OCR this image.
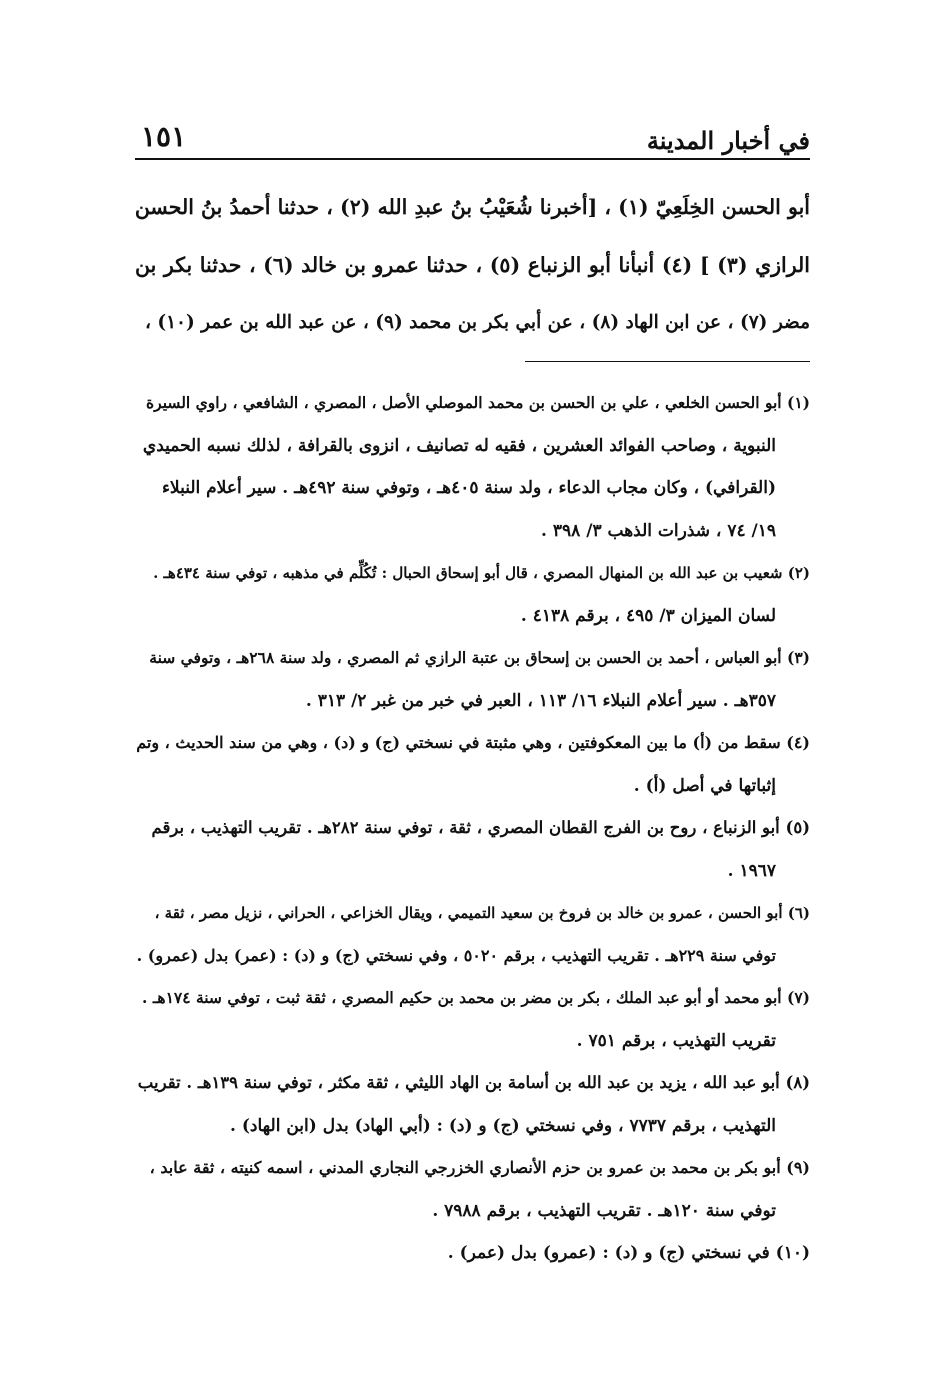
١٥١	في أخبار المدينة
أبو الحسن الخِلَعِيّ (١) ، [أخبرنا شُعَيْبُ بنُ عبدِ الله (٢) ، حدثنا أحمدُ بنُ الحسن
الرازي (٣) ] (٤) أنبأنا أبو الزنباع (٥) ، حدثنا عمرو بن خالد (٦) ، حدثنا بكر بن
مضر (٧) ، عن ابن الهاد (٨) ، عن أبي بكر بن محمد (٩) ، عن عبد الله بن عمر (١٠) ،
(١) أبو الحسن الخلعي ، علي بن الحسن بن محمد الموصلي الأصل ، المصري ، الشافعي ، راوي السيرة
النبوية ، وصاحب الفوائد العشرين ، فقيه له تصانيف ، انزوى بالقرافة ، لذلك نسبه الحميدي
(القرافي) ، وكان مجاب الدعاء ، ولد سنة ٤٠٥هـ ، وتوفي سنة ٤٩٢هـ . سير أعلام النبلاء
١٩/ ٧٤ ، شذرات الذهب ٣/ ٣٩٨ .
(٢) شعيب بن عبد الله بن المنهال المصري ، قال أبو إسحاق الحبال : تُكُلِّم في مذهبه ، توفي سنة ٤٣٤هـ .
لسان الميزان ٣/ ٤٩٥ ، برقم ٤١٣٨ .
(٣) أبو العباس ، أحمد بن الحسن بن إسحاق بن عتبة الرازي ثم المصري ، ولد سنة ٢٦٨هـ ، وتوفي سنة
٣٥٧هـ . سير أعلام النبلاء ١٦/ ١١٣ ، العبر في خبر من غبر ٢/ ٣١٣ .
(٤) سقط من (أ) ما بين المعكوفتين ، وهي مثبتة في نسختي (ج) و (د) ، وهي من سند الحديث ، وتم
إثباتها في أصل (أ) .
(٥) أبو الزنباع ، روح بن الفرج القطان المصري ، ثقة ، توفي سنة ٢٨٢هـ . تقريب التهذيب ، برقم
١٩٦٧ .
(٦) أبو الحسن ، عمرو بن خالد بن فروخ بن سعيد التميمي ، ويقال الخزاعي ، الحراني ، نزيل مصر ، ثقة ،
توفي سنة ٢٢٩هـ . تقريب التهذيب ، برقم ٥٠٢٠ ، وفي نسختي (ج) و (د) : (عمر) بدل (عمرو) .
(٧) أبو محمد أو أبو عبد الملك ، بكر بن مضر بن محمد بن حكيم المصري ، ثقة ثبت ، توفي سنة ١٧٤هـ .
تقريب التهذيب ، برقم ٧٥١ .
(٨) أبو عبد الله ، يزيد بن عبد الله بن أسامة بن الهاد الليثي ، ثقة مكثر ، توفي سنة ١٣٩هـ . تقريب
التهذيب ، برقم ٧٧٣٧ ، وفي نسختي (ج) و (د) : (أبي الهاد) بدل (ابن الهاد) .
(٩) أبو بكر بن محمد بن عمرو بن حزم الأنصاري الخزرجي النجاري المدني ، اسمه كنيته ، ثقة عابد ،
توفي سنة ١٢٠هـ . تقريب التهذيب ، برقم ٧٩٨٨ .
(١٠) في نسختي (ج) و (د) : (عمرو) بدل (عمر) .
